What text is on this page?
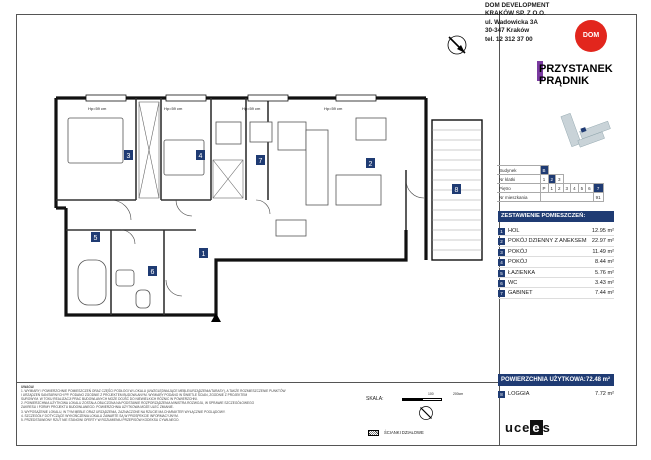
DOM DEVELOPMENT
KRAKÓW SP. Z O.O.
ul. Wadowicka 3A
30-347 Kraków
tel. 12 312 37 00
DOM
PRZYSTANEK
PRĄDNIK
Budynek	B							
Nr klatki	1	2	3					
Piętro	P	1	2	3	4	5	6	7
Nr mieszkania								91
ZESTAWIENIE POMIESZCZEŃ:
1 HOL	12.95 m²
2 POKÓJ DZIENNY Z ANEKSEM 22.97 m²
3 POKÓJ	11.49 m²
4 POKÓJ	8.44 m²
5 ŁAZIENKA	5.76 m²
6 WC	3.43 m²
7 GABINET	7.44 m²
POWIERZCHNIA UŻYTKOWA: 72.48 m²
8 LOGGIA	7.72 m²
uce e s
UWAGA!
1. WYMIARY I POWIERZCHNIE POMIESZCZEŃ ORAZ CZĘŚCI PODŁOGI W LOKALU (UWZGLĘDNIAJĄCE MEBLE/URZĄDZENIA/TARASY), A TAKŻE ROZMIESZCZENIE PUNKTÓW
I URZĄDZEŃ SANITARNYCH PP. PODANO ZGODNIE Z PROJEKTEM BUDOWLANYM. WYMIARY PODANO W ŚWIETLE ŚCIAN, ZGODNIE Z PROJEKTEM
SUROWYM. W TOKU REALIZACJI PRAC BUDOWLANYCH MOŻE DOJŚĆ DO NIEWIELKICH RÓŻNIC W POWIERZCHNI.
2. POWIERZCHNIA UŻYTKOWA LOKALU ZOSTAŁA OBLICZONA NA PODSTAWIE ROZPORZĄDZENIA MINISTRA ROZWOJU, W SPRAWIE SZCZEGÓŁOWEGO
ZAKRESU I FORMY PROJEKTU BUDOWLANEGO. POWIERZCHNIA UŻYTKOWA MOŻE ULEC ZMIANIE.
3. WYPOSAŻENIE LOKALU, W TYM MEBLE ORAZ URZĄDZENIA, ZAZNACZONE NA RZUCIE MA CHARAKTER WYŁĄCZNIE POGLĄDOWY.
4. SZCZEGÓŁY DOTYCZĄCE WYKOŃCZENIA LOKALU ZAWARTE SĄ W PROSPEKCIE INFORMACYJNYM.
5. PRZEDSTAWIONY RZUT NIE STANOWI OFERTY W ROZUMIENIU PRZEPISÓW KODEKSU CYWILNEGO.
SKALA:
100	200cm
ŚCIANKI DZIAŁOWE
Hp=59 cm	Hp=59 cm	Hp=59 cm	Hp=59 cm
3	4
7	2
5
6
1
8
